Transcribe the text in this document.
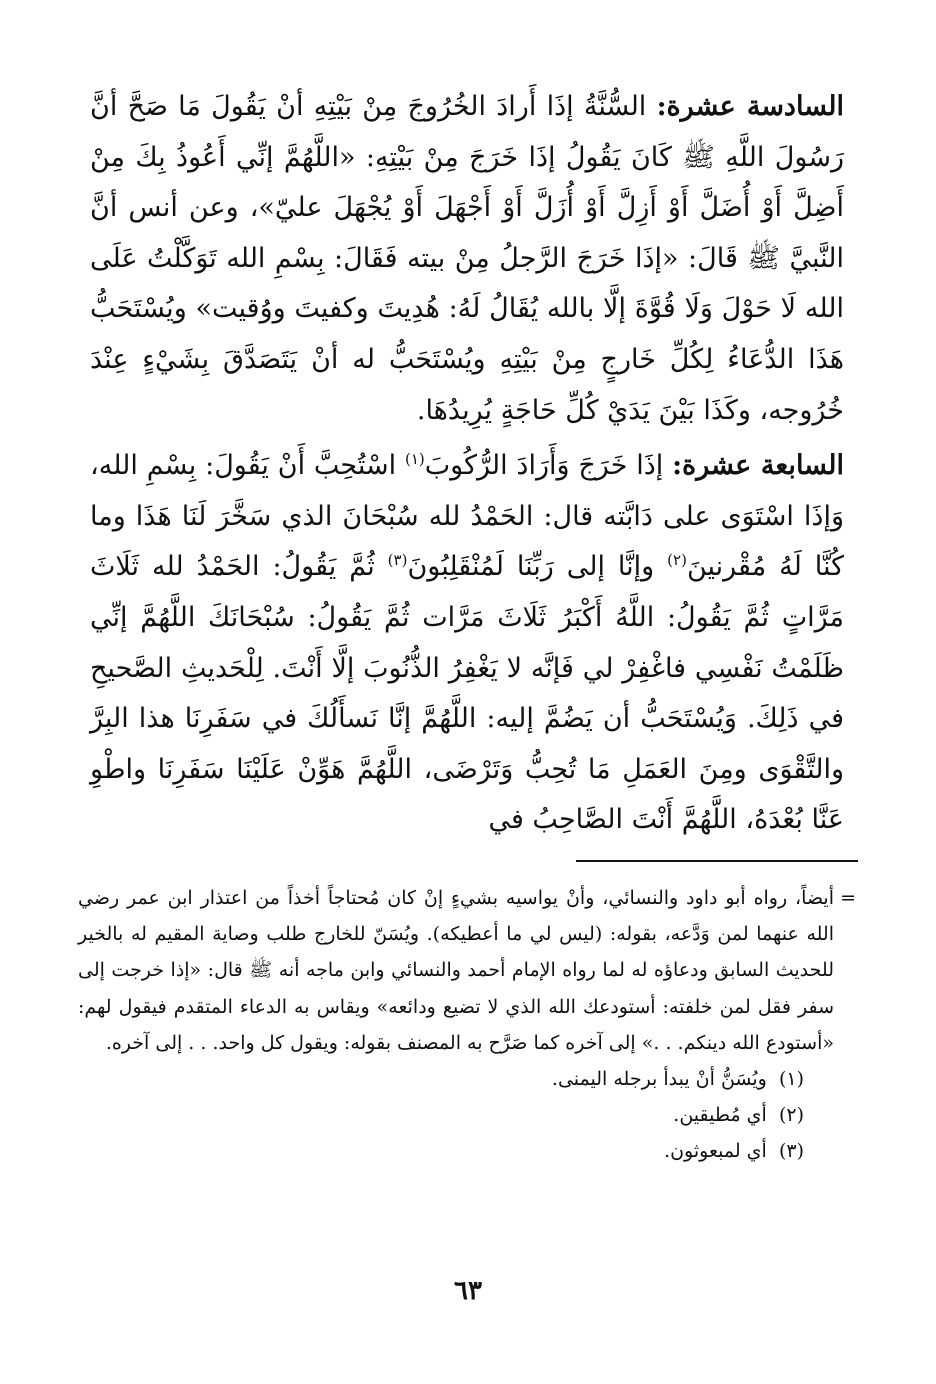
السادسة عشرة: السُّنَّةُ إذَا أَرادَ الخُرُوجَ مِنْ بَيْتِهِ أنْ يَقُولَ مَا صَحَّ أنَّ رَسُولَ اللَّهِ ﷺ كَانَ يَقُولُ إذَا خَرَجَ مِنْ بَيْتِهِ: «اللَّهُمَّ إنِّي أَعُوذُ بِكَ مِنْ أَضِلَّ أَوْ أُضَلَّ أَوْ أَزِلَّ أَوْ أُزَلَّ أَوْ أَجْهَلَ أَوْ يُجْهَلَ عليّ»، وعن أنس أنَّ النَّبيَّ ﷺ قَالَ: «إذَا خَرَجَ الرَّجلُ مِنْ بيته فَقَالَ: بِسْمِ الله تَوَكَّلْتُ عَلَى الله لَا حَوْلَ وَلَا قُوَّةَ إلَّا بالله يُقَالُ لَهُ: هُدِيتَ وكفيتَ ووُقيت» ويُسْتَحَبُّ هَذَا الدُّعَاءُ لِكُلِّ خَارجٍ مِنْ بَيْتِهِ ويُسْتَحَبُّ له أنْ يَتَصَدَّقَ بِشَيْءٍ عِنْدَ خُرُوجه، وكَذَا بَيْنَ يَدَيْ كُلِّ حَاجَةٍ يُرِيدُهَا.

السابعة عشرة: إذَا خَرَجَ وَأَرَادَ الرُّكُوبَ$^{(١)}$ اسْتُحِبَّ أَنْ يَقُولَ: بِسْمِ الله، وَإذَا اسْتَوَى على دَابَّته قال: الحَمْدُ لله سُبْحَانَ الذي سَخَّرَ لَنَا هَذَا وما كُنَّا لَهُ مُقْرنينَ$^{(٢)}$ وإنَّا إلى رَبِّنَا لَمُنْقَلِبُونَ$^{(٣)}$ ثُمَّ يَقُولُ: الحَمْدُ لله ثَلَاثَ مَرَّاتٍ ثُمَّ يَقُولُ: اللَّهُ أَكْبَرُ ثَلَاثَ مَرَّات ثُمَّ يَقُولُ: سُبْحَانَكَ اللَّهُمَّ إنِّي ظَلَمْتُ نَفْسِي فاغْفِرْ لي فَإنَّه لا يَغْفِرُ الذُّنُوبَ إلَّا أَنْتَ. لِلْحَديثِ الصَّحيحِ في ذَلِكَ. وَيُسْتَحَبُّ أن يَضُمَّ إليه: اللَّهُمَّ إنَّا نَسأَلُكَ في سَفَرِنَا هذا البِرَّ والتَّقْوَى ومِنَ العَمَلِ مَا تُحِبُّ وَتَرْضَى، اللَّهُمَّ هَوِّنْ عَلَيْنَا سَفَرِنَا واطْوِ عَنَّا بُعْدَهُ، اللَّهُمَّ أَنْتَ الصَّاحِبُ في

=
أيضاً، رواه أبو داود والنسائي، وأنْ يواسيه بشيءٍ إنْ كان مُحتاجاً أخذاً من اعتذار ابن عمر رضي الله عنهما لمن وَدَّعه، بقوله: (ليس لي ما أعطيكه). ويُسَنّ للخارج طلب وصاية المقيم له بالخير للحديث السابق ودعاؤه له لما رواه الإمام أحمد والنسائي وابن ماجه أنه ﷺ قال: «إذا خرجت إلى سفر فقل لمن خلفته: أستودعك الله الذي لا تضيع ودائعه» ويقاس به الدعاء المتقدم فيقول لهم: «أستودع الله دينكم. . .» إلى آخره كما صَرَّح به المصنف بقوله: ويقول كل واحد. . . إلى آخره.

(١)  ويُسَنُّ أنْ يبدأ برجله اليمنى.

(٢)  أي مُطيقين.

(٣)  أي لمبعوثون.

٦٣
